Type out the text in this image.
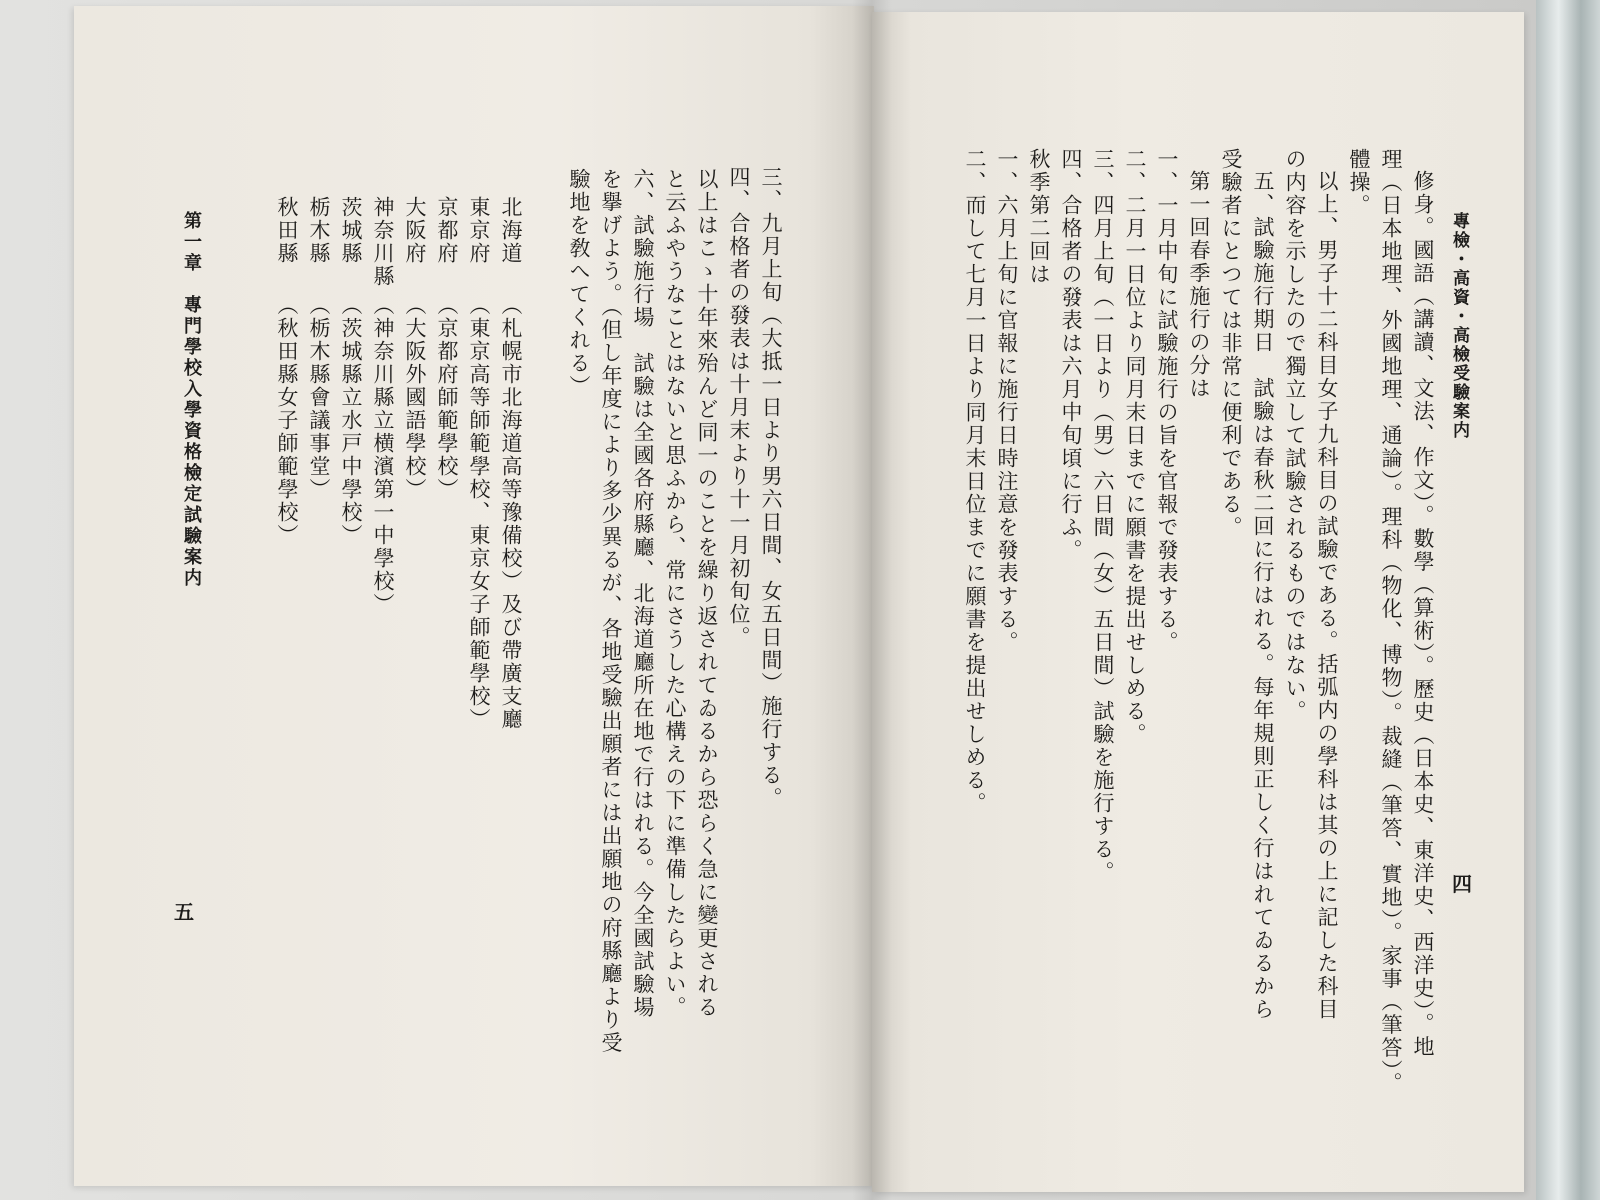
三、九月上旬（大抵一日より男六日間、女五日間）施行する。
四、合格者の發表は十月末より十一月初旬位。
以上はこゝ十年來殆んど同一のことを繰り返されてゐるから恐らく急に變更される
と云ふやうなことはないと思ふから、常にさうした心構えの下に準備したらよい。
六、試驗施行場　試驗は全國各府縣廳、北海道廳所在地で行はれる。今全國試驗場
を擧げよう。（但し年度により多少異るが、各地受驗出願者には出願地の府縣廳より受
驗地を敎へてくれる）
北海道
（札幌市北海道高等豫備校）及び帶廣支廳
東京府
（東京高等師範學校、東京女子師範學校）
京都府
（京都府師範學校）
大阪府
（大阪外國語學校）
神奈川縣
（神奈川縣立横濱第一中學校）
茨城縣
（茨城縣立水戸中學校）
栃木縣
（栃木縣會議事堂）
秋田縣
（秋田縣女子師範學校）
第一章　專門學校入學資格檢定試驗案内
五
專檢・高資・高檢受驗案内
四
修身。國語（講讀、文法、作文）。數學（算術）。歷史（日本史、東洋史、西洋史）。地
理（日本地理、外國地理、通論）。理科（物化、博物）。裁縫（筆答、實地）。家事（筆答）。
體操。
以上、男子十二科目女子九科目の試驗である。括弧内の學科は其の上に記した科目
の内容を示したので獨立して試驗されるものではない。
五、試驗施行期日　試驗は春秋二回に行はれる。每年規則正しく行はれてゐるから
受驗者にとつては非常に便利である。
第一回春季施行の分は
一、一月中旬に試驗施行の旨を官報で發表する。
二、二月一日位より同月末日までに願書を提出せしめる。
三、四月上旬（一日より（男）六日間（女）五日間）試驗を施行する。
四、合格者の發表は六月中旬頃に行ふ。
秋季第二回は
一、六月上旬に官報に施行日時注意を發表する。
二、而して七月一日より同月末日位までに願書を提出せしめる。
